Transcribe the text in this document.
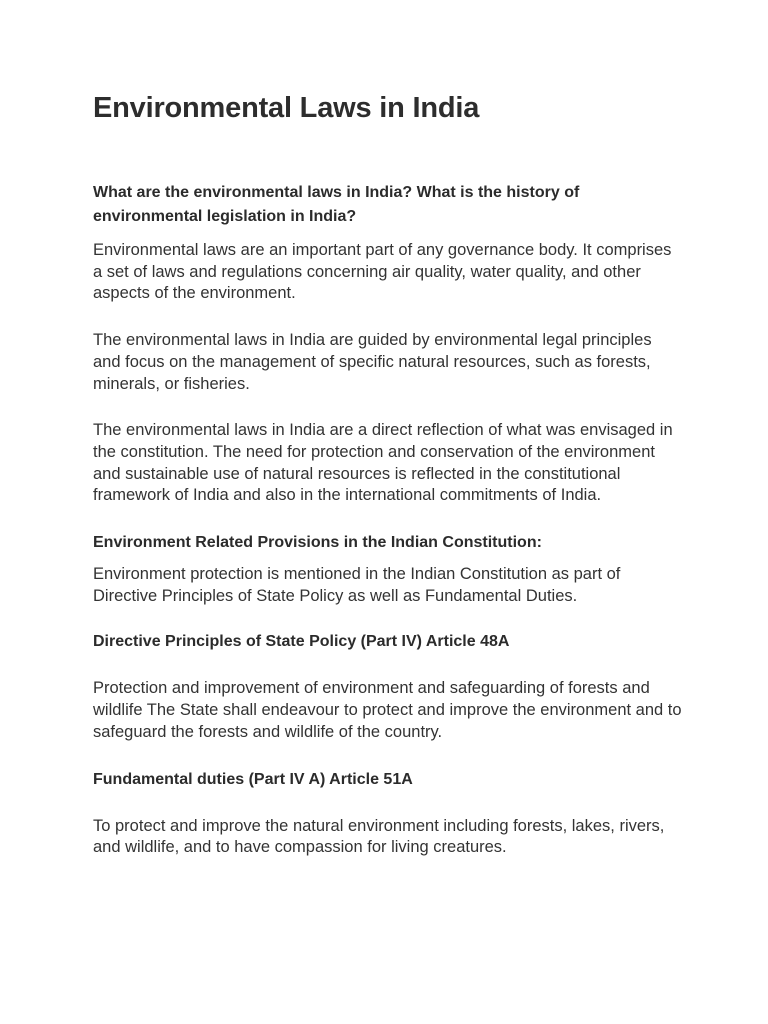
Environmental Laws in India
What are the environmental laws in India? What is the history of environmental legislation in India?

Environmental laws are an important part of any governance body. It comprises a set of laws and regulations concerning air quality, water quality, and other aspects of the environment.

The environmental laws in India are guided by environmental legal principles and focus on the management of specific natural resources, such as forests, minerals, or fisheries.

The environmental laws in India are a direct reflection of what was envisaged in the constitution. The need for protection and conservation of the environment and sustainable use of natural resources is reflected in the constitutional framework of India and also in the international commitments of India.

Environment Related Provisions in the Indian Constitution:

Environment protection is mentioned in the Indian Constitution as part of Directive Principles of State Policy as well as Fundamental Duties.

Directive Principles of State Policy (Part IV) Article 48A

Protection and improvement of environment and safeguarding of forests and wildlife The State shall endeavour to protect and improve the environment and to safeguard the forests and wildlife of the country.

Fundamental duties (Part IV A) Article 51A

To protect and improve the natural environment including forests, lakes, rivers, and wildlife, and to have compassion for living creatures.
